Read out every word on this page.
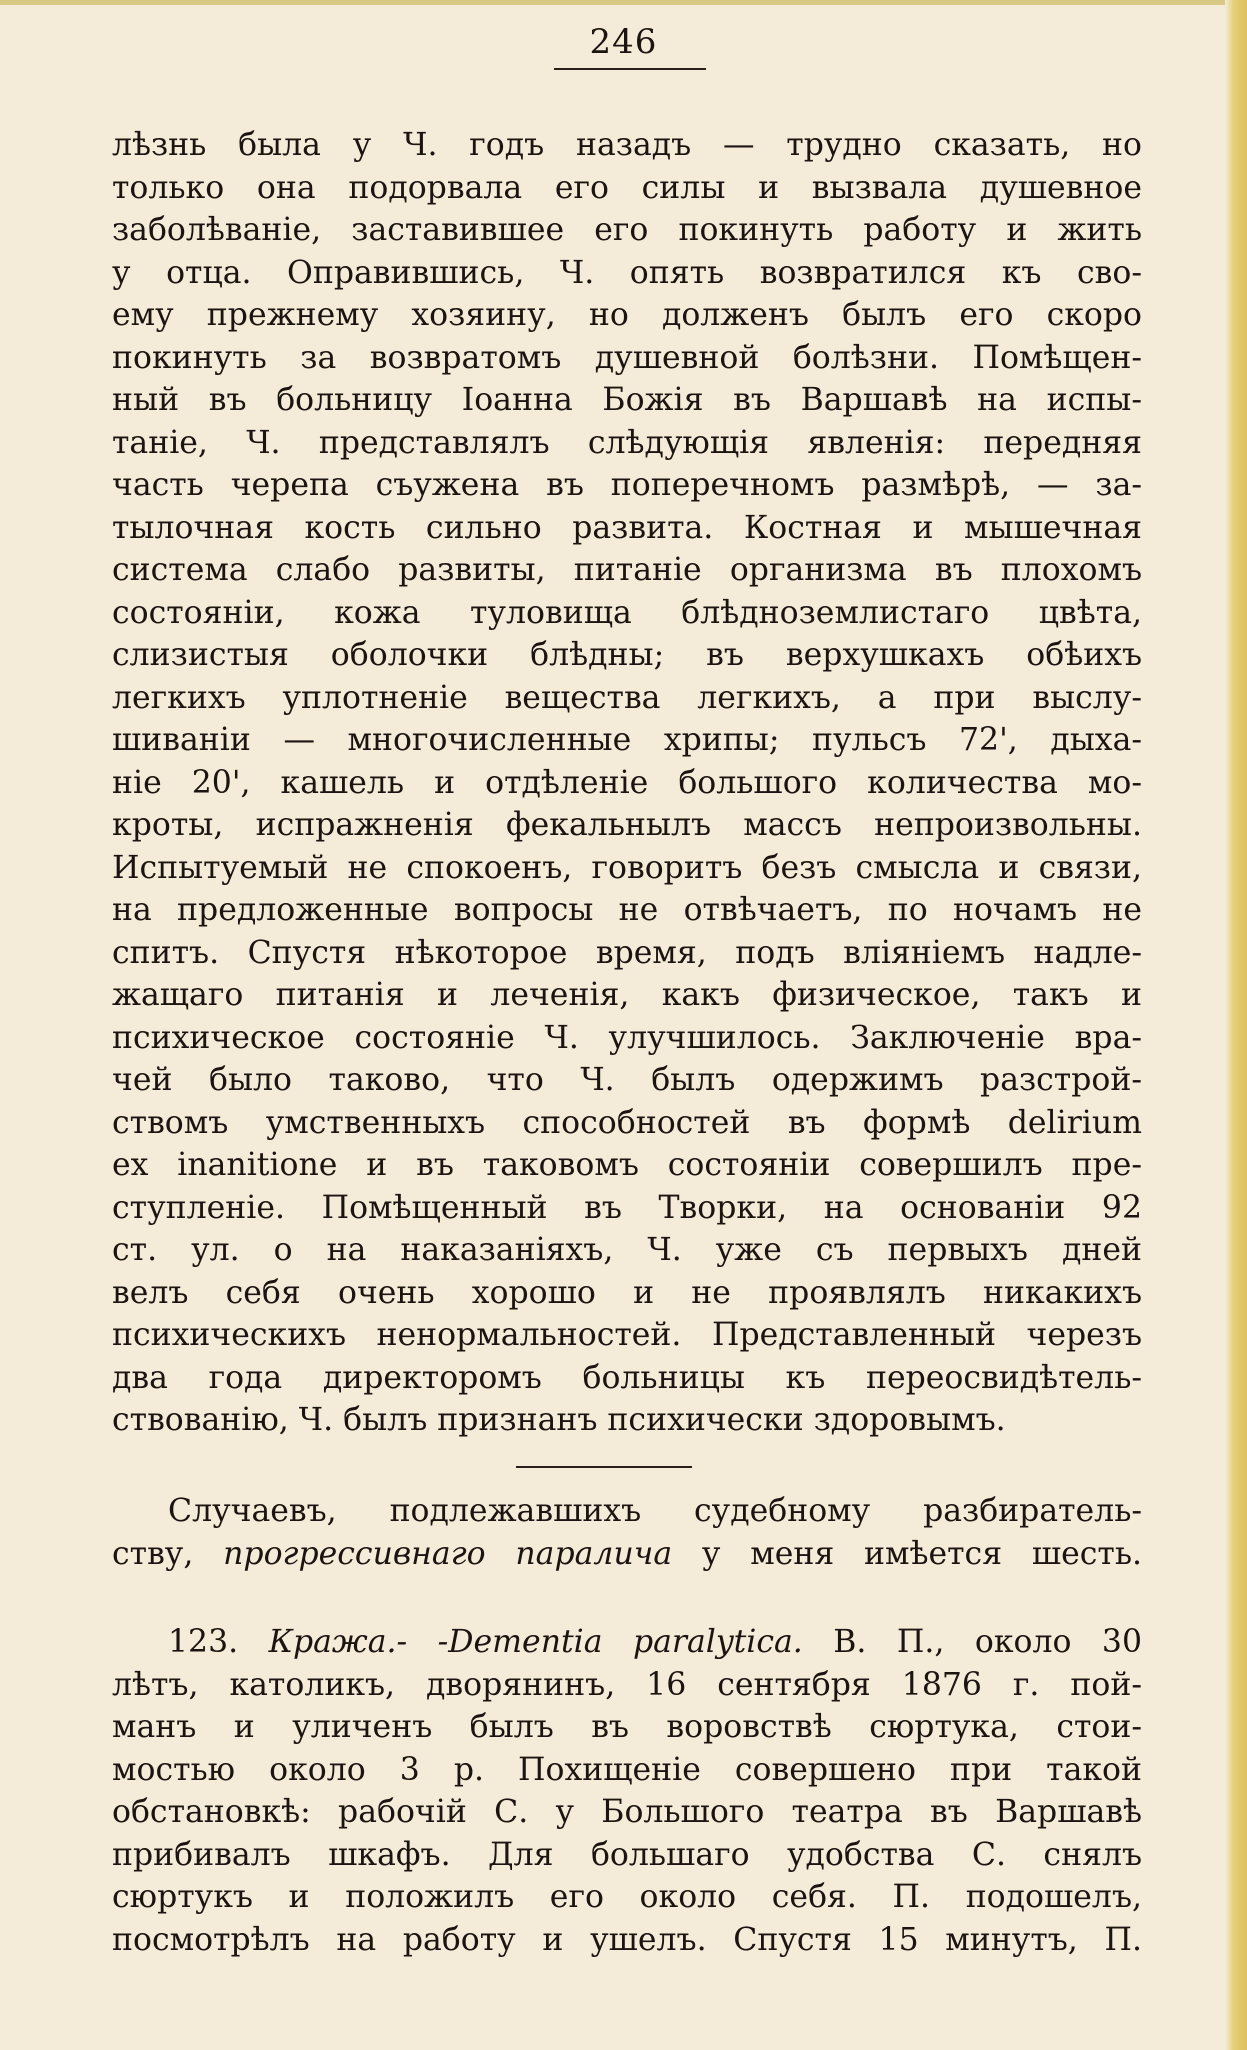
246
лѣзнь была у Ч. годъ назадъ — трудно сказать, но
только она подорвала его силы и вызвала душевное
заболѣваніе, заставившее его покинуть работу и жить
у отца. Оправившись, Ч. опять возвратился къ сво-
ему прежнему хозяину, но долженъ былъ его скоро
покинуть за возвратомъ душевной болѣзни. Помѣщен-
ный въ больницу Іоанна Божія въ Варшавѣ на испы-
таніе, Ч. представлялъ слѣдующія явленія: передняя
часть черепа съужена въ поперечномъ размѣрѣ, — за-
тылочная кость сильно развита. Костная и мышечная
система слабо развиты, питаніе организма въ плохомъ
состояніи, кожа туловища блѣдноземлистаго цвѣта,
слизистыя оболочки блѣдны; въ верхушкахъ обѣихъ
легкихъ уплотненіе вещества легкихъ, а при выслу-
шиваніи — многочисленные хрипы; пульсъ 72', дыха-
ніе 20', кашель и отдѣленіе большого количества мо-
кроты, испражненія фекальнылъ массъ непроизвольны.
Испытуемый не спокоенъ, говоритъ безъ смысла и связи,
на предложенные вопросы не отвѣчаетъ, по ночамъ не
спитъ. Спустя нѣкоторое время, подъ вліяніемъ надле-
жащаго питанія и леченія, какъ физическое, такъ и
психическое состояніе Ч. улучшилось. Заключеніе вра-
чей было таково, что Ч. былъ одержимъ разстрой-
ствомъ умственныхъ способностей въ формѣ delirium
ex inanitione и въ таковомъ состояніи совершилъ пре-
ступленіе. Помѣщенный въ Творки, на основаніи 92
ст. ул. о на наказаніяхъ, Ч. уже съ первыхъ дней
велъ себя очень хорошо и не проявлялъ никакихъ
психическихъ ненормальностей. Представленный черезъ
два года директоромъ больницы къ переосвидѣтель-
ствованію, Ч. былъ признанъ психически здоровымъ.
Случаевъ, подлежавшихъ судебному разбиратель-
ству, прогрессивнаго паралича у меня имѣется шесть.
123. Кража.- -Dementia paralytica. В. П., около 30
лѣтъ, католикъ, дворянинъ, 16 сентября 1876 г. пой-
манъ и уличенъ былъ въ воровствѣ сюртука, стои-
мостью около 3 р. Похищеніе совершено при такой
обстановкѣ: рабочій С. у Большого театра въ Варшавѣ
прибивалъ шкафъ. Для большаго удобства С. снялъ
сюртукъ и положилъ его около себя. П. подошелъ,
посмотрѣлъ на работу и ушелъ. Спустя 15 минутъ, П.
